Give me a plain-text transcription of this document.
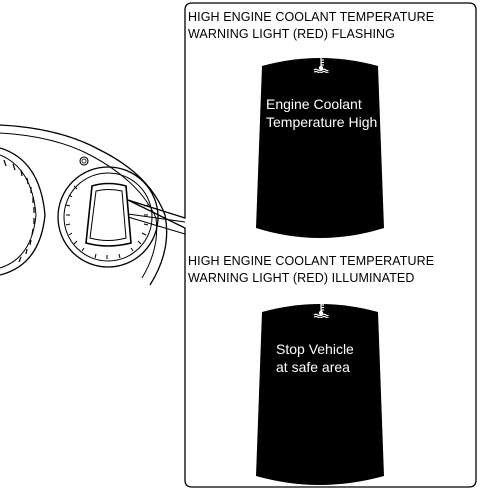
HIGH ENGINE COOLANT TEMPERATURE
WARNING LIGHT (RED) FLASHING
HIGH ENGINE COOLANT TEMPERATURE
WARNING LIGHT (RED) ILLUMINATED
Engine Coolant
Temperature High
Stop Vehicle
at safe area
